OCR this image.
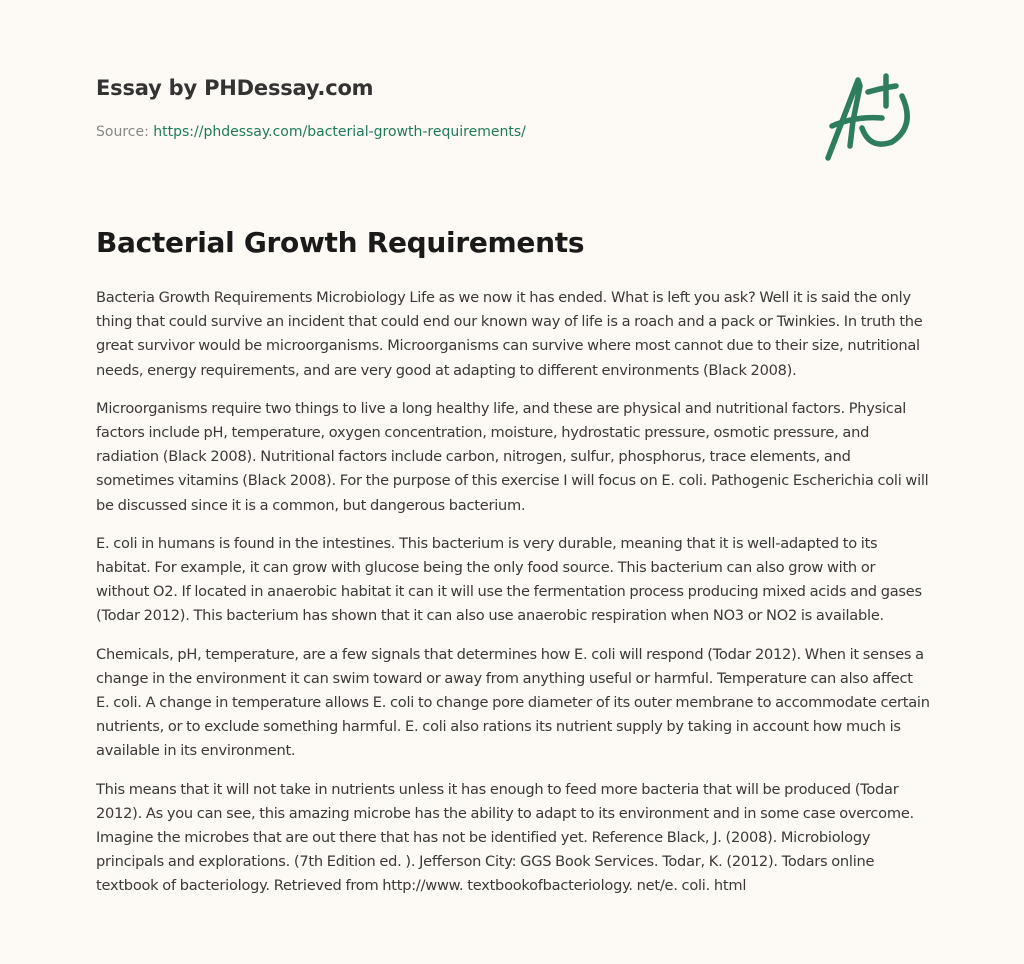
Essay by PHDessay.com

Source: https://phdessay.com/bacterial-growth-requirements/
Bacterial Growth Requirements

Bacteria Growth Requirements Microbiology Life as we now it has ended. What is left you ask? Well it is said the only thing that could survive an incident that could end our known way of life is a roach and a pack or Twinkies. In truth the great survivor would be microorganisms. Microorganisms can survive where most cannot due to their size, nutritional needs, energy requirements, and are very good at adapting to different environments (Black 2008).

Microorganisms require two things to live a long healthy life, and these are physical and nutritional factors. Physical factors include pH, temperature, oxygen concentration, moisture, hydrostatic pressure, osmotic pressure, and radiation (Black 2008). Nutritional factors include carbon, nitrogen, sulfur, phosphorus, trace elements, and sometimes vitamins (Black 2008). For the purpose of this exercise I will focus on E. coli. Pathogenic Escherichia coli will be discussed since it is a common, but dangerous bacterium.

E. coli in humans is found in the intestines. This bacterium is very durable, meaning that it is well-adapted to its habitat. For example, it can grow with glucose being the only food source. This bacterium can also grow with or without O2. If located in anaerobic habitat it can it will use the fermentation process producing mixed acids and gases (Todar 2012). This bacterium has shown that it can also use anaerobic respiration when NO3 or NO2 is available.

Chemicals, pH, temperature, are a few signals that determines how E. coli will respond (Todar 2012). When it senses a change in the environment it can swim toward or away from anything useful or harmful. Temperature can also affect E. coli. A change in temperature allows E. coli to change pore diameter of its outer membrane to accommodate certain nutrients, or to exclude something harmful. E. coli also rations its nutrient supply by taking in account how much is available in its environment.

This means that it will not take in nutrients unless it has enough to feed more bacteria that will be produced (Todar 2012). As you can see, this amazing microbe has the ability to adapt to its environment and in some case overcome. Imagine the microbes that are out there that has not be identified yet. Reference Black, J. (2008). Microbiology principals and explorations. (7th Edition ed. ). Jefferson City: GGS Book Services. Todar, K. (2012). Todars online textbook of bacteriology. Retrieved from http://www. textbookofbacteriology. net/e. coli. html
